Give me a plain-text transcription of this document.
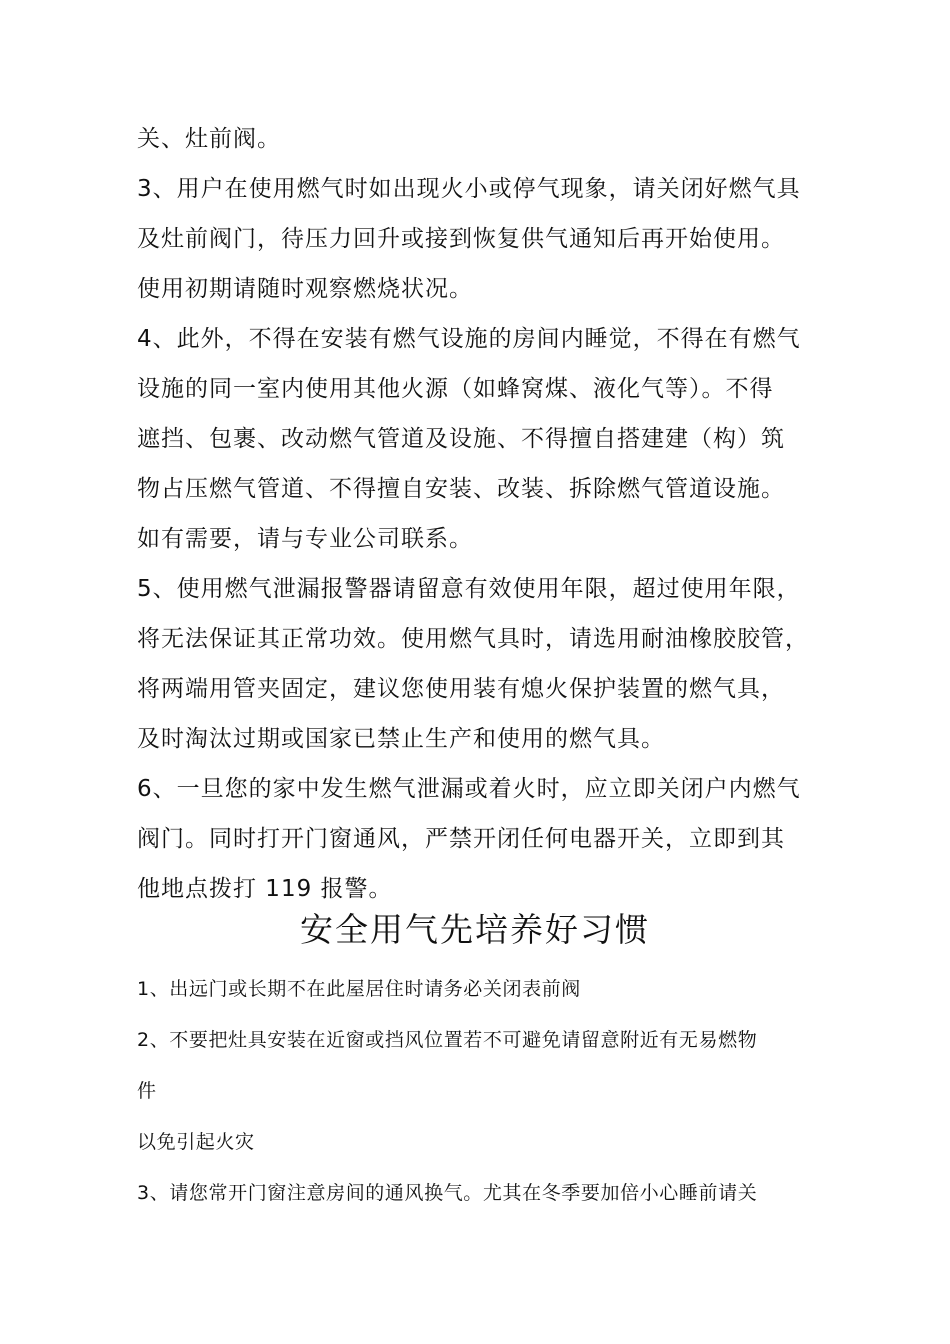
关、灶前阀。
3、用户在使用燃气时如出现火小或停气现象，请关闭好燃气具
及灶前阀门，待压力回升或接到恢复供气通知后再开始使用。
使用初期请随时观察燃烧状况。
4、此外，不得在安装有燃气设施的房间内睡觉，不得在有燃气
设施的同一室内使用其他火源（如蜂窝煤、液化气等）。不得
遮挡、包裹、改动燃气管道及设施、不得擅自搭建建（构）筑
物占压燃气管道、不得擅自安装、改装、拆除燃气管道设施。
如有需要，请与专业公司联系。
5、使用燃气泄漏报警器请留意有效使用年限，超过使用年限，
将无法保证其正常功效。使用燃气具时，请选用耐油橡胶胶管，
将两端用管夹固定，建议您使用装有熄火保护装置的燃气具，
及时淘汰过期或国家已禁止生产和使用的燃气具。
6、一旦您的家中发生燃气泄漏或着火时，应立即关闭户内燃气
阀门。同时打开门窗通风，严禁开闭任何电器开关，立即到其
他地点拨打 119 报警。
安全用气先培养好习惯
1、出远门或长期不在此屋居住时请务必关闭表前阀
2、不要把灶具安装在近窗或挡风位置若不可避免请留意附近有无易燃物
件
以免引起火灾
3、请您常开门窗注意房间的通风换气。尤其在冬季要加倍小心睡前请关
